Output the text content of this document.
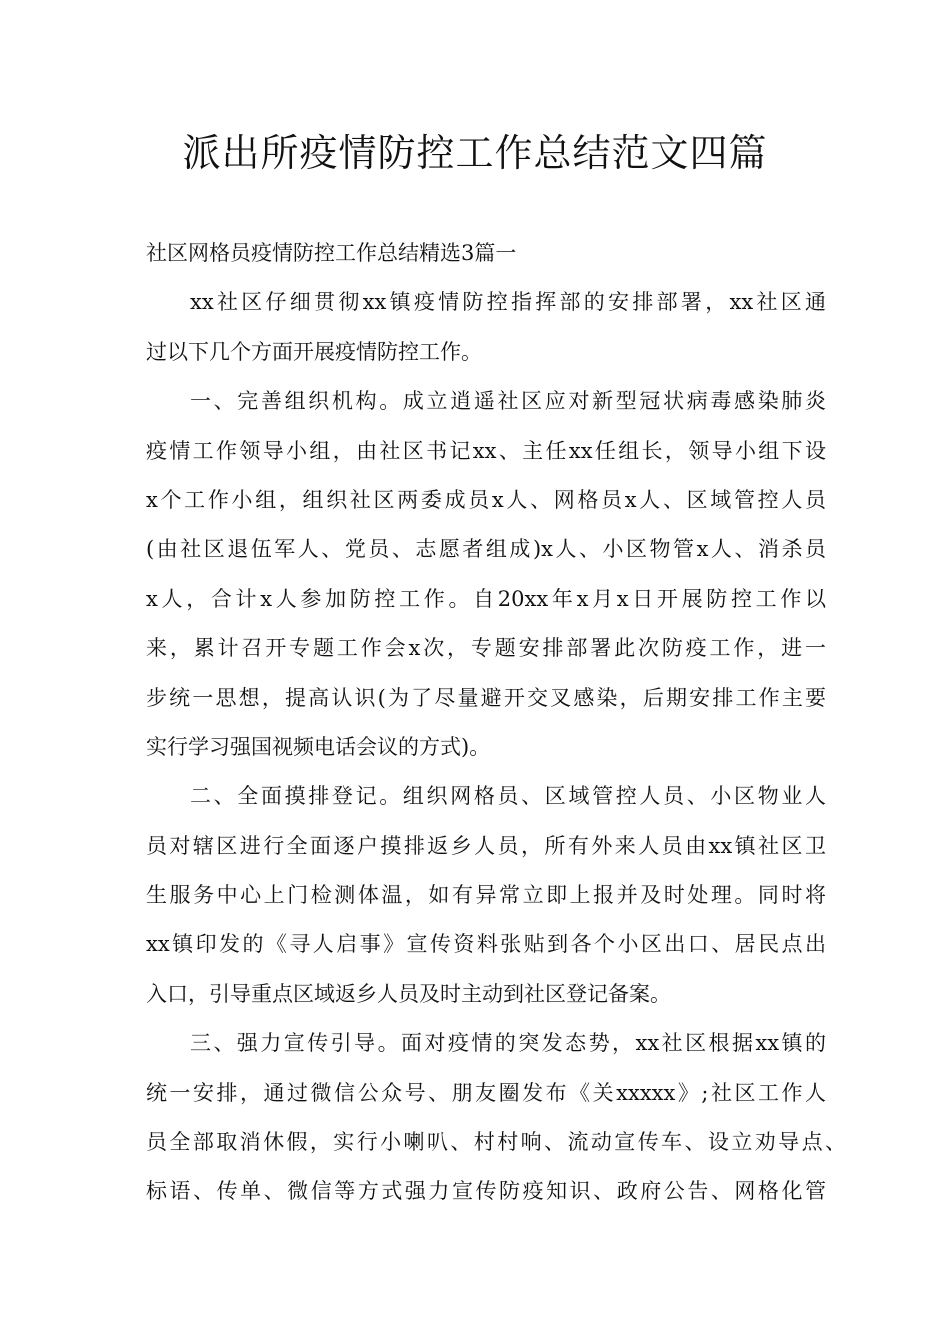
派出所疫情防控工作总结范文四篇
社区网格员疫情防控工作总结精选3篇一
xx社区仔细贯彻xx镇疫情防控指挥部的安排部署，xx社区通
过以下几个方面开展疫情防控工作。
一、完善组织机构。成立逍遥社区应对新型冠状病毒感染肺炎
疫情工作领导小组，由社区书记xx、主任xx任组长，领导小组下设
x个工作小组，组织社区两委成员x人、网格员x人、区域管控人员
(由社区退伍军人、党员、志愿者组成)x人、小区物管x人、消杀员
x人，合计x人参加防控工作。自20xx年x月x日开展防控工作以
来，累计召开专题工作会x次，专题安排部署此次防疫工作，进一
步统一思想，提高认识(为了尽量避开交叉感染，后期安排工作主要
实行学习强国视频电话会议的方式)。
二、全面摸排登记。组织网格员、区域管控人员、小区物业人
员对辖区进行全面逐户摸排返乡人员，所有外来人员由xx镇社区卫
生服务中心上门检测体温，如有异常立即上报并及时处理。同时将
xx镇印发的《寻人启事》宣传资料张贴到各个小区出口、居民点出
入口，引导重点区域返乡人员及时主动到社区登记备案。
三、强力宣传引导。面对疫情的突发态势，xx社区根据xx镇的
统一安排，通过微信公众号、朋友圈发布《关xxxxx》;社区工作人
员全部取消休假，实行小喇叭、村村响、流动宣传车、设立劝导点、
标语、传单、微信等方式强力宣传防疫知识、政府公告、网格化管
